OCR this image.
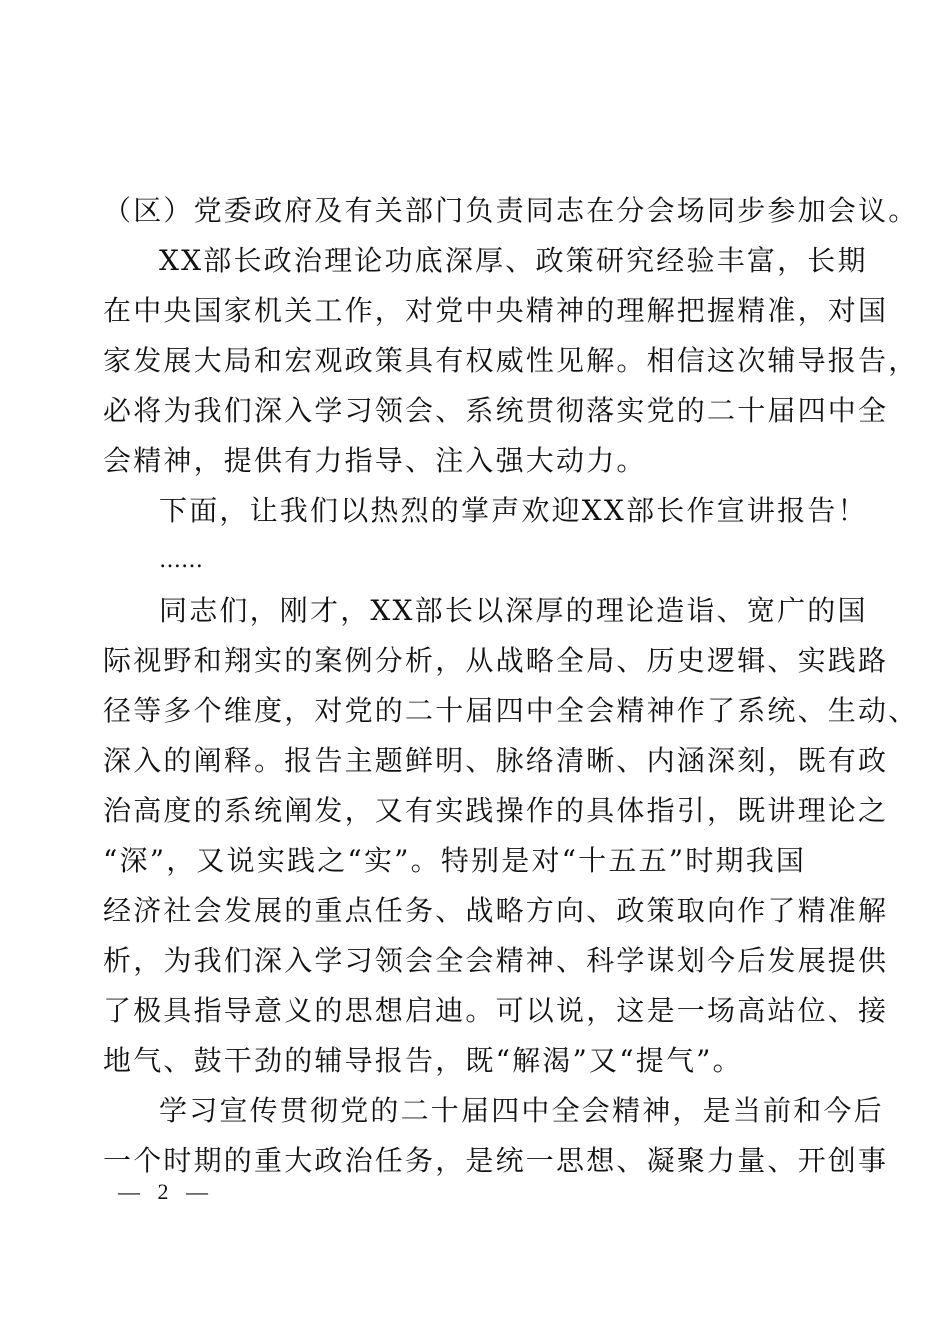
（区）党委政府及有关部门负责同志在分会场同步参加会议。
XX部长政治理论功底深厚、政策研究经验丰富，长期
在中央国家机关工作，对党中央精神的理解把握精准，对国
家发展大局和宏观政策具有权威性见解。相信这次辅导报告，
必将为我们深入学习领会、系统贯彻落实党的二十届四中全
会精神，提供有力指导、注入强大动力。
下面，让我们以热烈的掌声欢迎XX部长作宣讲报告！
……
同志们，刚才，XX部长以深厚的理论造诣、宽广的国
际视野和翔实的案例分析，从战略全局、历史逻辑、实践路
径等多个维度，对党的二十届四中全会精神作了系统、生动、
深入的阐释。报告主题鲜明、脉络清晰、内涵深刻，既有政
治高度的系统阐发，又有实践操作的具体指引，既讲理论之
“深”，又说实践之“实”。特别是对“十五五”时期我国
经济社会发展的重点任务、战略方向、政策取向作了精准解
析，为我们深入学习领会全会精神、科学谋划今后发展提供
了极具指导意义的思想启迪。可以说，这是一场高站位、接
地气、鼓干劲的辅导报告，既“解渴”又“提气”。
学习宣传贯彻党的二十届四中全会精神，是当前和今后
一个时期的重大政治任务，是统一思想、凝聚力量、开创事
— 2 —
